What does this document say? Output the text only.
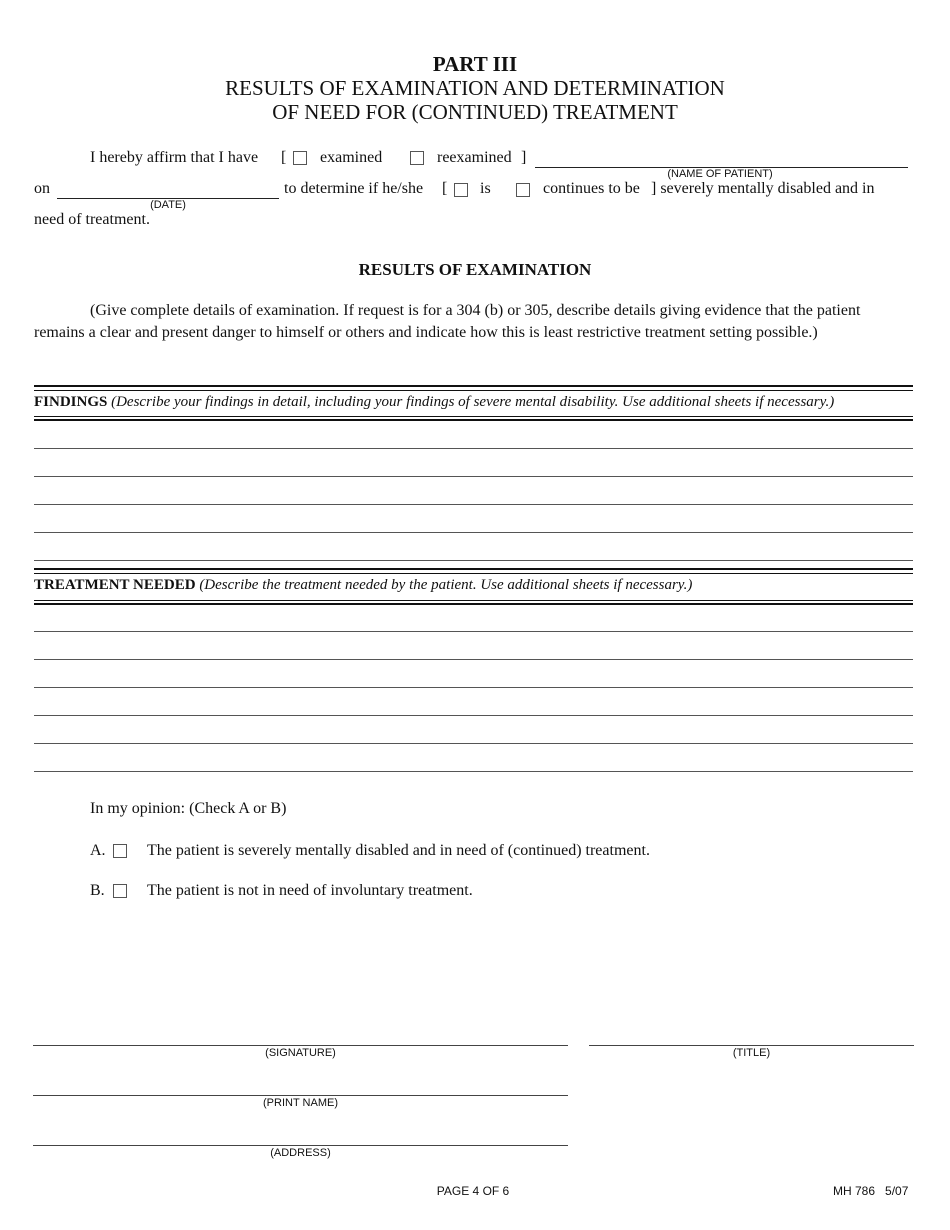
PART III
RESULTS OF EXAMINATION AND DETERMINATION
OF NEED FOR (CONTINUED) TREATMENT
I hereby affirm that I have [ examined	reexamined ]
(NAME OF PATIENT)
on
(DATE)
to determine if he/she [ is	continues to be ] severely mentally disabled and in
need of treatment.
RESULTS OF EXAMINATION
(Give complete details of examination. If request is for a 304 (b) or 305, describe details giving evidence that the patient remains a clear and present danger to himself or others and indicate how this is least restrictive treatment setting possible.)
FINDINGS (Describe your findings in detail, including your findings of severe mental disability. Use additional sheets if necessary.)
TREATMENT NEEDED (Describe the treatment needed by the patient. Use additional sheets if necessary.)
In my opinion: (Check A or B)
A.	The patient is severely mentally disabled and in need of (continued) treatment.
B.	The patient is not in need of involuntary treatment.
(SIGNATURE)	(TITLE)
(PRINT NAME)
(ADDRESS)
PAGE 4 OF 6	MH 786 5/07
